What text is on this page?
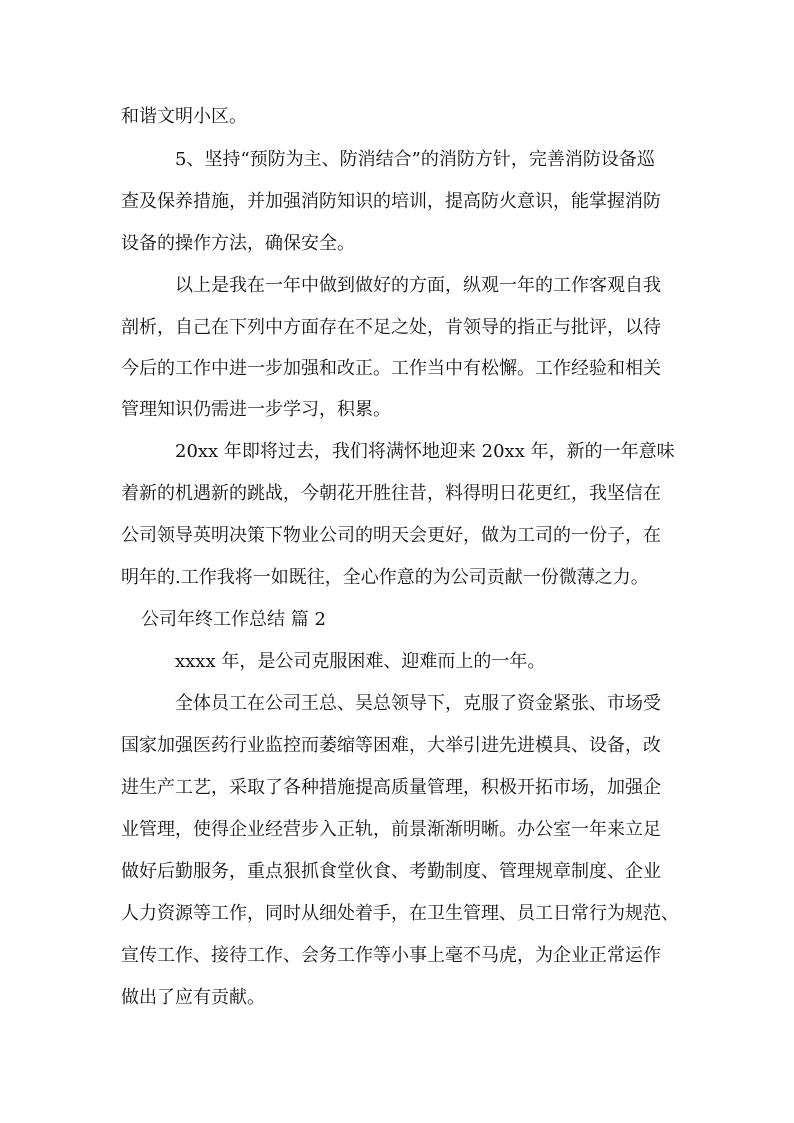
和谐文明小区。

5、坚持“预防为主、防消结合”的消防方针，完善消防设备巡

查及保养措施，并加强消防知识的培训，提高防火意识，能掌握消防

设备的操作方法，确保安全。

以上是我在一年中做到做好的方面，纵观一年的工作客观自我

剖析，自己在下列中方面存在不足之处，肯领导的指正与批评，以待

今后的工作中进一步加强和改正。工作当中有松懈。工作经验和相关

管理知识仍需进一步学习，积累。

20xx 年即将过去，我们将满怀地迎来 20xx 年，新的一年意味

着新的机遇新的跳战，今朝花开胜往昔，料得明日花更红，我坚信在

公司领导英明决策下物业公司的明天会更好，做为工司的一份子，在

明年的.工作我将一如既往，全心作意的为公司贡献一份微薄之力。

公司年终工作总结 篇 2

xxxx 年，是公司克服困难、迎难而上的一年。

全体员工在公司王总、吴总领导下，克服了资金紧张、市场受

国家加强医药行业监控而萎缩等困难，大举引进先进模具、设备，改

进生产工艺，采取了各种措施提高质量管理，积极开拓市场，加强企

业管理，使得企业经营步入正轨，前景渐渐明晰。办公室一年来立足

做好后勤服务，重点狠抓食堂伙食、考勤制度、管理规章制度、企业

人力资源等工作，同时从细处着手，在卫生管理、员工日常行为规范、

宣传工作、接待工作、会务工作等小事上毫不马虎，为企业正常运作

做出了应有贡献。
